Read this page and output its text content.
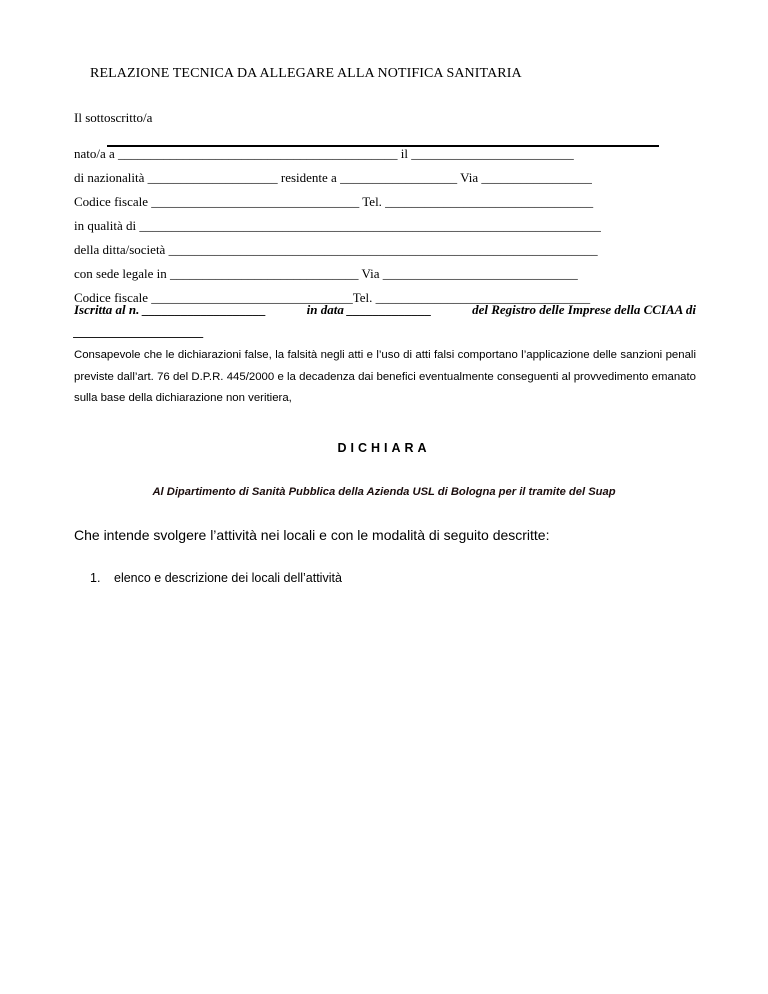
RELAZIONE TECNICA DA ALLEGARE ALLA NOTIFICA SANITARIA
Il sottoscritto/a
nato/a a ___________________________________________ il _________________________
di nazionalità ____________________ residente a __________________ Via _________________
Codice fiscale ________________________________ Tel. ________________________________
in qualità di _______________________________________________________________________
della ditta/società __________________________________________________________________
con sede legale in _____________________________ Via ______________________________
Codice fiscale _______________________________Tel. _________________________________
Iscritta al n. ___________________	in data _____________	del Registro delle Imprese della CCIAA di
____________________
Consapevole che le dichiarazioni false, la falsità negli atti e l’uso di atti falsi comportano l’applicazione delle sanzioni penali previste dall’art. 76 del D.P.R. 445/2000 e la decadenza dai benefici eventualmente conseguenti al provvedimento emanato sulla base della dichiarazione non veritiera,
DICHIARA
Al Dipartimento di Sanità Pubblica della Azienda USL di Bologna per il tramite del Suap
Che intende svolgere l’attività nei locali e con le modalità di seguito descritte:
1. elenco e descrizione dei locali dell’attività
